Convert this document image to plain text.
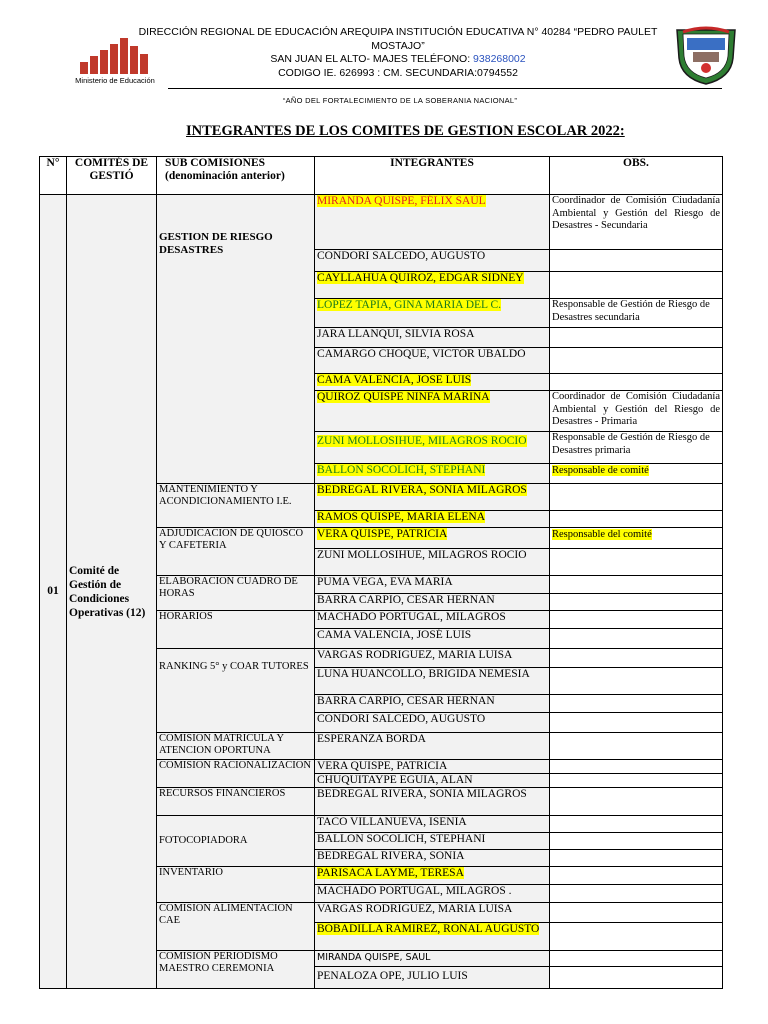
Ministerio de Educación
DIRECCIÓN REGIONAL DE EDUCACIÓN AREQUIPA INSTITUCIÓN EDUCATIVA N° 40284 “PEDRO PAULET MOSTAJO”
SAN JUAN EL ALTO- MAJES TELÉFONO: 938268002
CODIGO IE. 626993 : CM. SECUNDARIA:0794552
“AÑO DEL FORTALECIMIENTO DE LA SOBERANIA NACIONAL”
INTEGRANTES DE LOS COMITES DE GESTION ESCOLAR 2022:
N°	COMITÉS DE GESTIÓ	SUB COMISIONES (denominación anterior)	INTEGRANTES	OBS.
01	Comité de Gestión de Condiciones Operativas (12)	GESTION DE RIESGO DESASTRES	MIRANDA QUISPE, FÉLIX SAÚL	Coordinador de Comisión Ciudadanía Ambiental y Gestión del Riesgo de Desastres - Secundaria
			CONDORI SALCEDO, AUGUSTO	
			CAYLLAHUA QUIROZ, EDGAR SIDNEY	
			LOPEZ TAPIA, GINA MARIA DEL C.	Responsable de Gestión de Riesgo de Desastres secundaria
			JARA LLANQUI, SILVIA ROSA	
			CAMARGO CHOQUE, VICTOR UBALDO	
			CAMA VALENCIA, JOSE LUIS	
			QUIROZ QUISPE NINFA MARINA	Coordinador de Comisión Ciudadanía Ambiental y Gestión del Riesgo de Desastres - Primaria
			ZUNI MOLLOSIHUE, MILAGROS ROCIO	Responsable de Gestión de Riesgo de Desastres primaria
			BALLON SOCOLICH, STEPHANI	Responsable de comité
		MANTENIMIENTO Y ACONDICIONAMIENTO I.E.	BEDREGAL RIVERA, SONIA MILAGROS	
			RAMOS QUISPE, MARIA ELENA	
		ADJUDICACION DE QUIOSCO Y CAFETERIA	VERA QUISPE, PATRICIA	Responsable del comité
			ZUNI MOLLOSIHUE, MILAGROS ROCIO	
		ELABORACION CUADRO DE HORAS	PUMA VEGA, EVA MARIA	
			BARRA CARPIO, CESAR HERNAN	
		HORARIOS	MACHADO PORTUGAL, MILAGROS	
			CAMA VALENCIA, JOSÉ LUIS	
		RANKING 5° y COAR TUTORES	VARGAS RODRIGUEZ, MARIA LUISA	
			LUNA HUANCOLLO, BRIGIDA NEMESIA	
			BARRA CARPIO, CESAR HERNAN	
			CONDORI SALCEDO, AUGUSTO	
		COMISION MATRICULA Y ATENCION OPORTUNA	ESPERANZA BORDA	
		COMISION RACIONALIZACION	VERA QUISPE, PATRICIA	
			CHUQUITAYPE EGUIA, ALAN	
		RECURSOS FINANCIEROS	BEDREGAL RIVERA, SONIA MILAGROS	
		FOTOCOPIADORA	TACO VILLANUEVA, ISENIA	
			BALLON SOCOLICH, STEPHANI	
			BEDREGAL RIVERA, SONIA	
		INVENTARIO	PARISACA LAYME, TERESA	
			MACHADO PORTUGAL, MILAGROS .	
		COMISION ALIMENTACION CAE	VARGAS RODRIGUEZ, MARIA LUISA	
			BOBADILLA RAMIREZ, RONAL AUGUSTO	
		COMISION PERIODISMO MAESTRO CEREMONIA	MIRANDA QUISPE, SAUL	
			PENALOZA OPE, JULIO LUIS	
